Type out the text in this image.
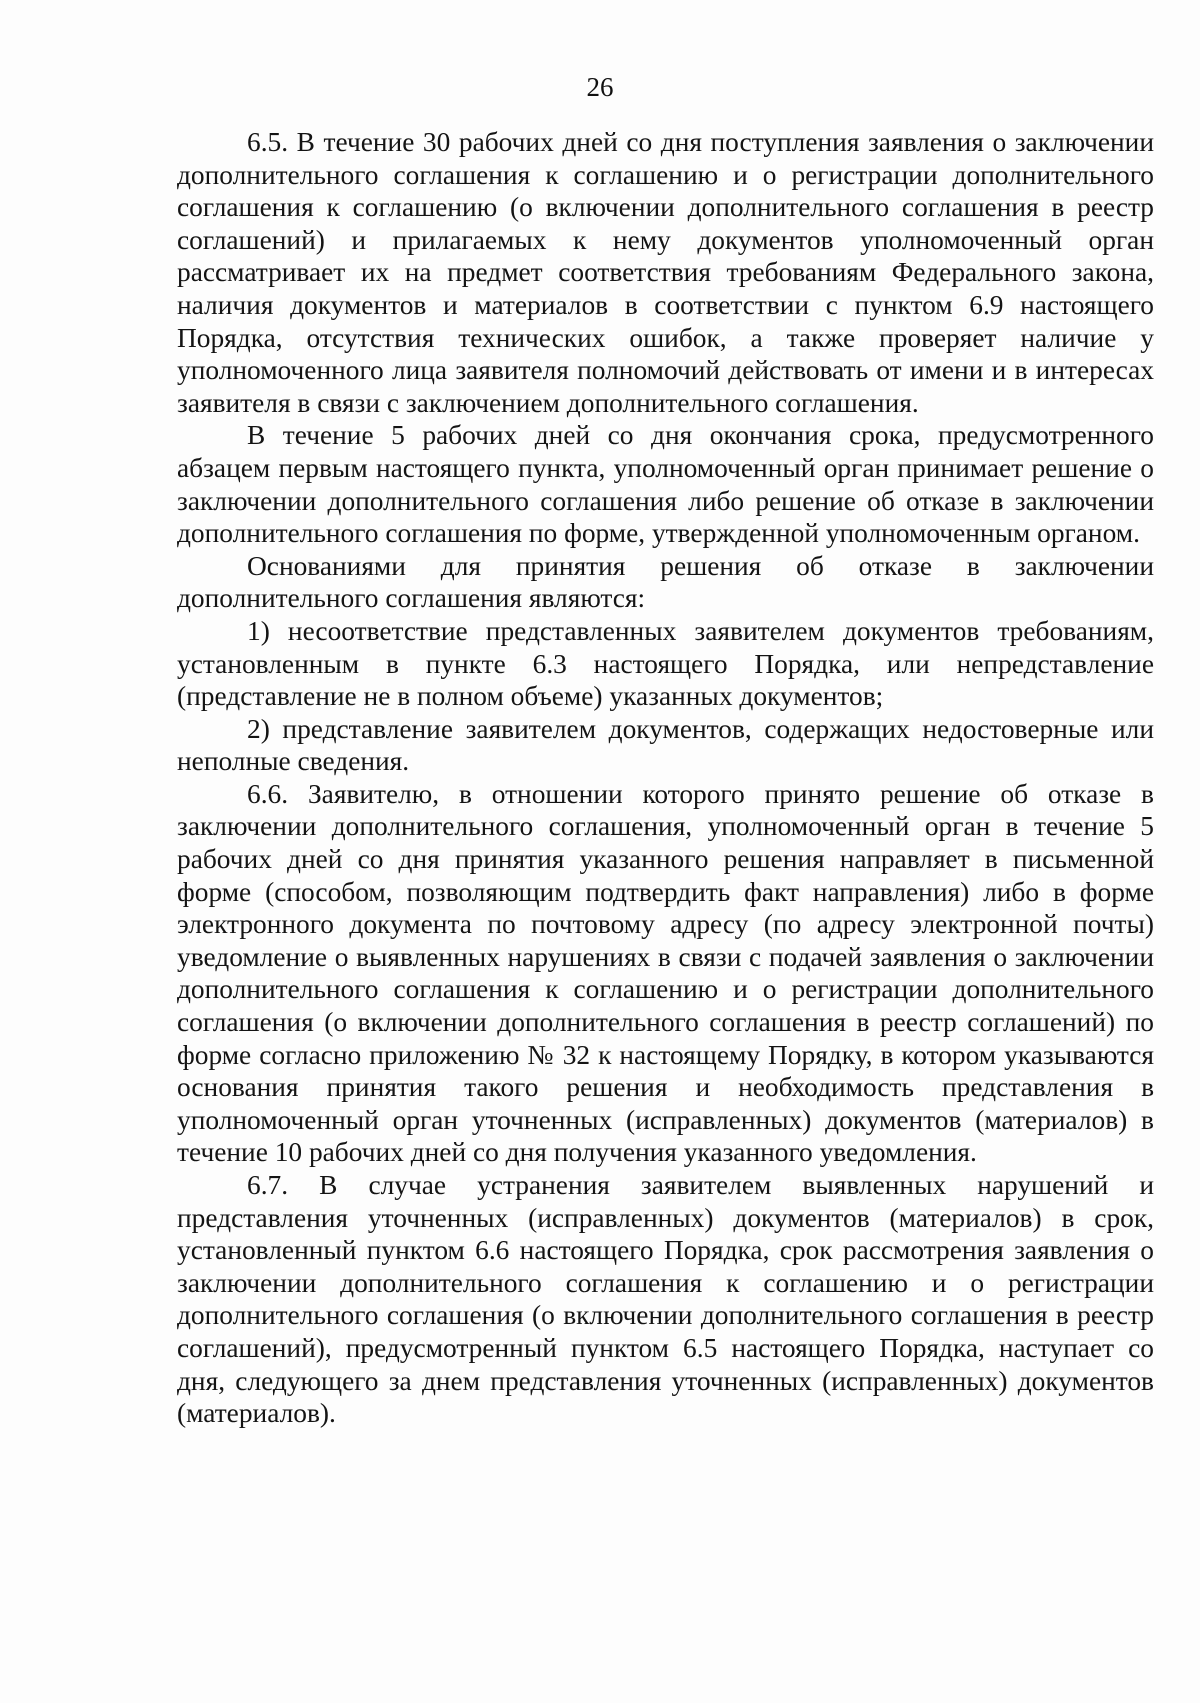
26

6.5. В течение 30 рабочих дней со дня поступления заявления о заключении дополнительного соглашения к соглашению и о регистрации дополнительного соглашения к соглашению (о включении дополнительного соглашения в реестр соглашений) и прилагаемых к нему документов уполномоченный орган рассматривает их на предмет соответствия требованиям Федерального закона, наличия документов и материалов в соответствии с пунктом 6.9 настоящего Порядка, отсутствия технических ошибок, а также проверяет наличие у уполномоченного лица заявителя полномочий действовать от имени и в интересах заявителя в связи с заключением дополнительного соглашения.

В течение 5 рабочих дней со дня окончания срока, предусмотренного абзацем первым настоящего пункта, уполномоченный орган принимает решение о заключении дополнительного соглашения либо решение об отказе в заключении дополнительного соглашения по форме, утвержденной уполномоченным органом.

Основаниями для принятия решения об отказе в заключении дополнительного соглашения являются:

1) несоответствие представленных заявителем документов требованиям, установленным в пункте 6.3 настоящего Порядка, или непредставление (представление не в полном объеме) указанных документов;

2) представление заявителем документов, содержащих недостоверные или неполные сведения.

6.6. Заявителю, в отношении которого принято решение об отказе в заключении дополнительного соглашения, уполномоченный орган в течение 5 рабочих дней со дня принятия указанного решения направляет в письменной форме (способом, позволяющим подтвердить факт направления) либо в форме электронного документа по почтовому адресу (по адресу электронной почты) уведомление о выявленных нарушениях в связи с подачей заявления о заключении дополнительного соглашения к соглашению и о регистрации дополнительного соглашения (о включении дополнительного соглашения в реестр соглашений) по форме согласно приложению № 32 к настоящему Порядку, в котором указываются основания принятия такого решения и необходимость представления в уполномоченный орган уточненных (исправленных) документов (материалов) в течение 10 рабочих дней со дня получения указанного уведомления.

6.7. В случае устранения заявителем выявленных нарушений и представления уточненных (исправленных) документов (материалов) в срок, установленный пунктом 6.6 настоящего Порядка, срок рассмотрения заявления о заключении дополнительного соглашения к соглашению и о регистрации дополнительного соглашения (о включении дополнительного соглашения в реестр соглашений), предусмотренный пунктом 6.5 настоящего Порядка, наступает со дня, следующего за днем представления уточненных (исправленных) документов (материалов).
